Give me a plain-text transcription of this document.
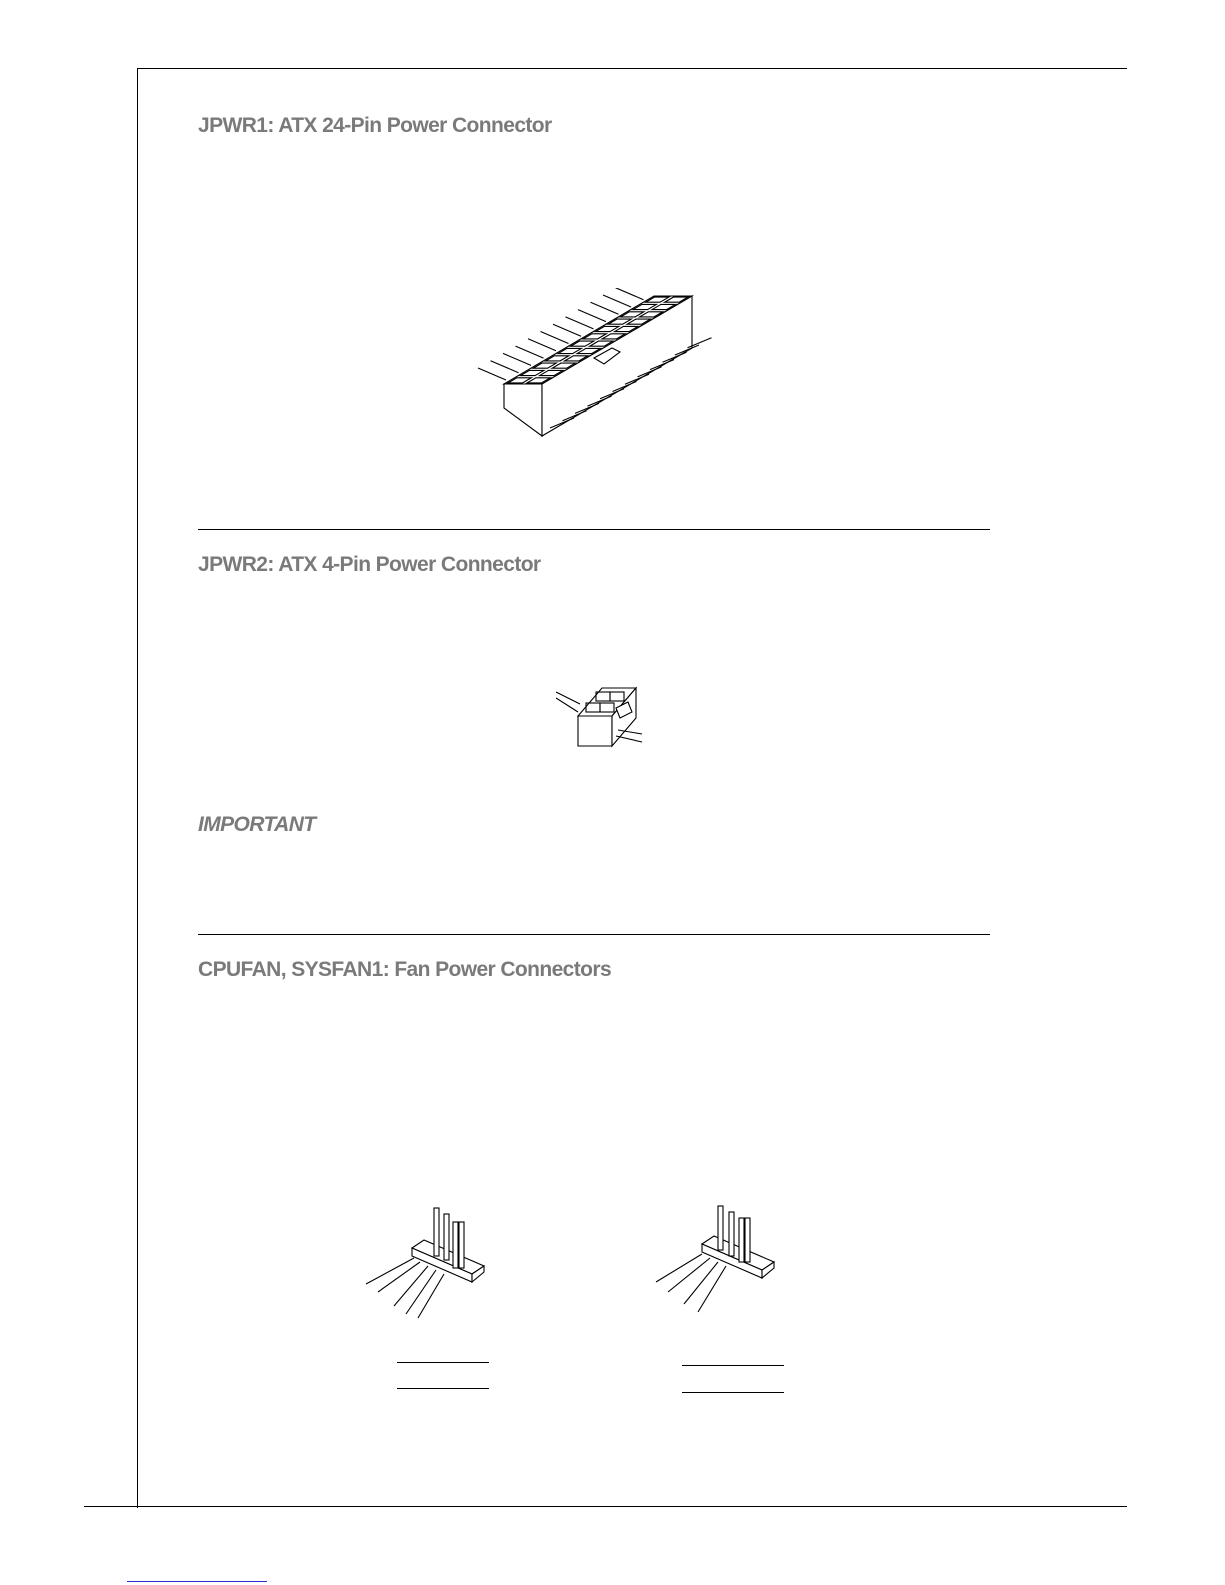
JPWR1: ATX 24-Pin Power Connector
JPWR2: ATX 4-Pin Power Connector
IMPORTANT
CPUFAN, SYSFAN1: Fan Power Connectors
